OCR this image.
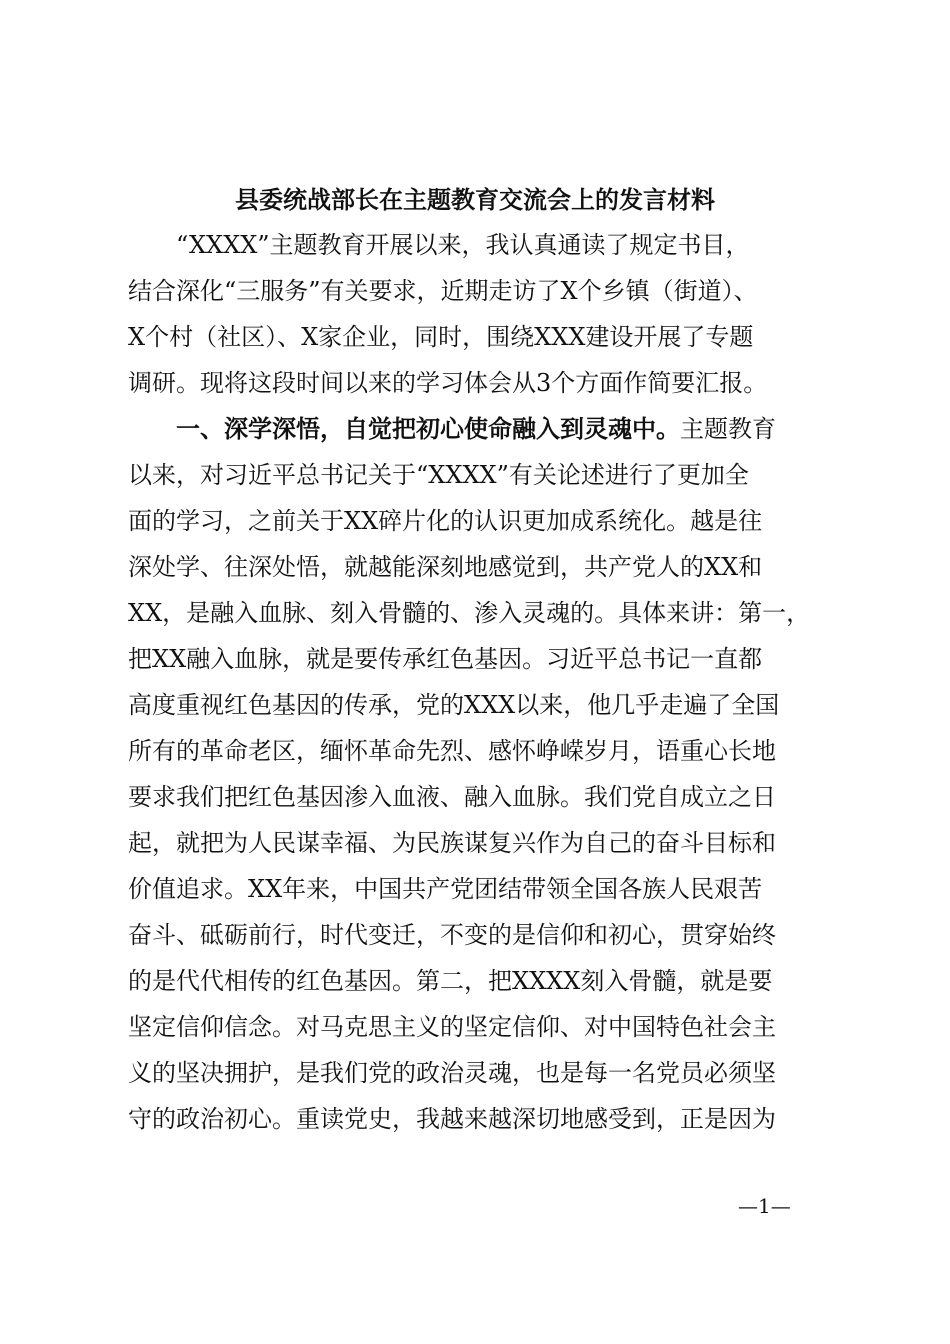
县委统战部长在主题教育交流会上的发言材料
“XXXX”主题教育开展以来，我认真通读了规定书目，
结合深化“三服务”有关要求，近期走访了X个乡镇（街道）、
X个村（社区）、X家企业，同时，围绕XXX建设开展了专题
调研。现将这段时间以来的学习体会从3个方面作简要汇报。
一、深学深悟，自觉把初心使命融入到灵魂中。主题教育
以来，对习近平总书记关于“XXXX”有关论述进行了更加全
面的学习，之前关于XX碎片化的认识更加成系统化。越是往
深处学、往深处悟，就越能深刻地感觉到，共产党人的XX和
XX，是融入血脉、刻入骨髓的、渗入灵魂的。具体来讲：第一，
把XX融入血脉，就是要传承红色基因。习近平总书记一直都
高度重视红色基因的传承，党的XXX以来，他几乎走遍了全国
所有的革命老区，缅怀革命先烈、感怀峥嵘岁月，语重心长地
要求我们把红色基因渗入血液、融入血脉。我们党自成立之日
起，就把为人民谋幸福、为民族谋复兴作为自己的奋斗目标和
价值追求。XX年来，中国共产党团结带领全国各族人民艰苦
奋斗、砥砺前行，时代变迁，不变的是信仰和初心，贯穿始终
的是代代相传的红色基因。第二，把XXXX刻入骨髓，就是要
坚定信仰信念。对马克思主义的坚定信仰、对中国特色社会主
义的坚决拥护，是我们党的政治灵魂，也是每一名党员必须坚
守的政治初心。重读党史，我越来越深切地感受到，正是因为
—1—
